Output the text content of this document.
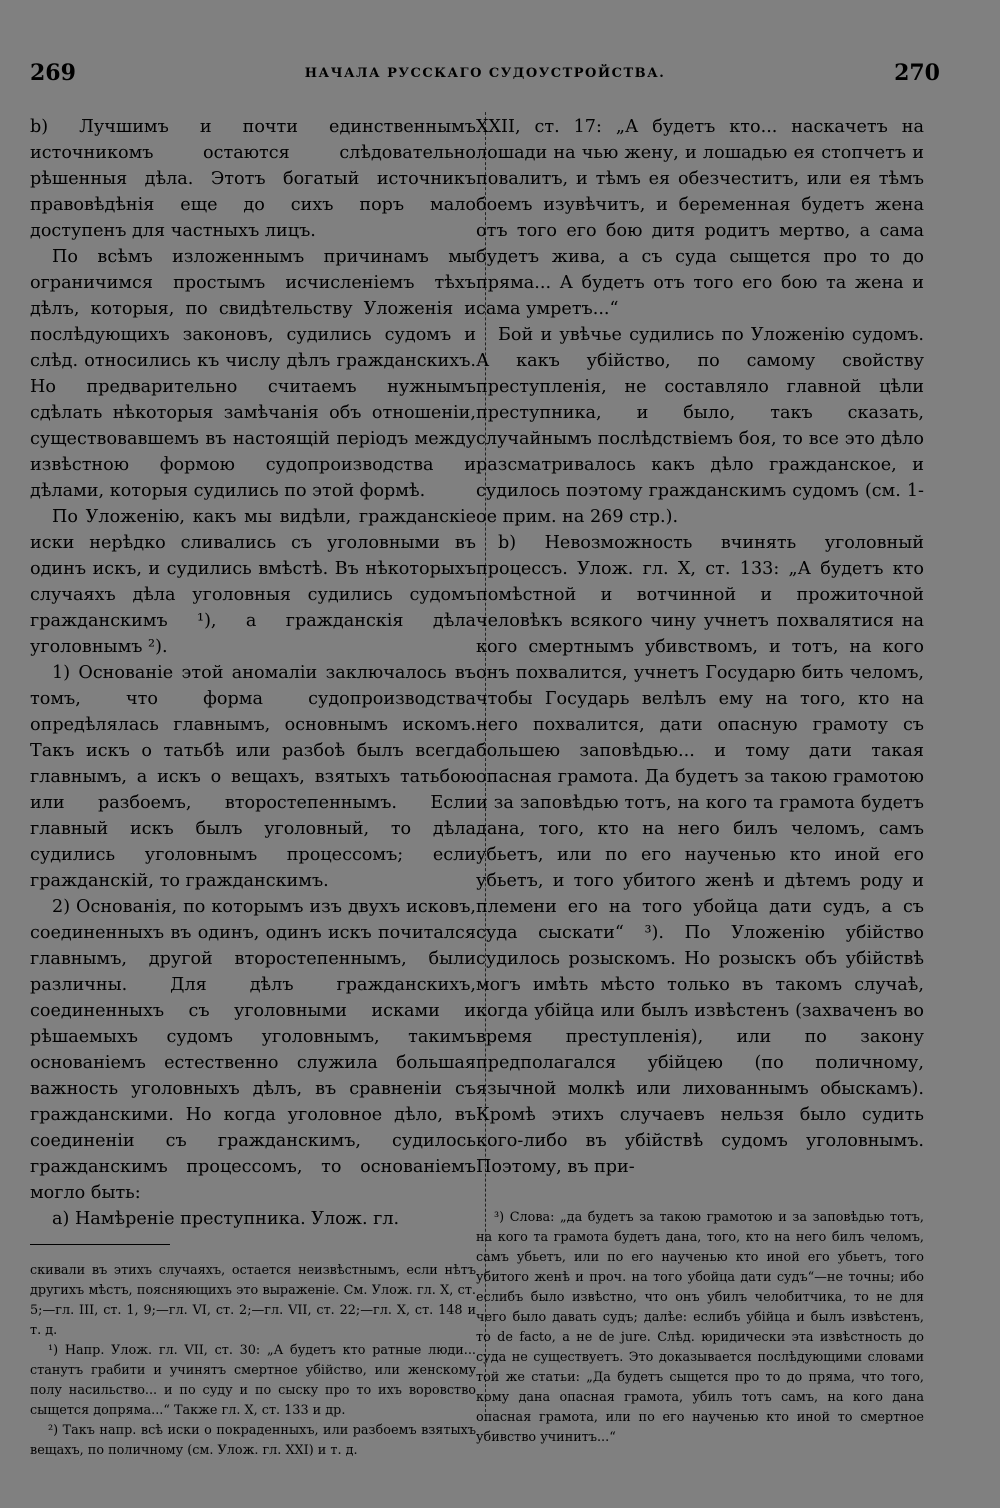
269	НАЧАЛА РУССКАГО СУДОУСТРОЙСТВА.	270

b) Лучшимъ и почти единственнымъ источникомъ остаются слѣдовательно рѣшенныя дѣла. Этотъ богатый источникъ правовѣдѣнія еще до сихъ поръ мало доступенъ для частныхъ лицъ.

По всѣмъ изложеннымъ причинамъ мы ограничимся простымъ исчисленіемъ тѣхъ дѣлъ, которыя, по свидѣтельству Уложенія и послѣдующихъ законовъ, судились судомъ и слѣд. относились къ числу дѣлъ гражданскихъ. Но предварительно считаемъ нужнымъ сдѣлать нѣкоторыя замѣчанія объ отношеніи, существовавшемъ въ настоящій періодъ между извѣстною формою судопроизводства и дѣлами, которыя судились по этой формѣ.

По Уложенію, какъ мы видѣли, гражданскіе иски нерѣдко сливались съ уголовными въ одинъ искъ, и судились вмѣстѣ. Въ нѣкоторыхъ случаяхъ дѣла уголовныя судились судомъ гражданскимъ ¹), а гражданскія дѣла уголовнымъ ²).

1) Основаніе этой аномаліи заключалось въ томъ, что форма судопроизводства опредѣлялась главнымъ, основнымъ искомъ. Такъ искъ о татьбѣ или разбоѣ былъ всегда главнымъ, а искъ о вещахъ, взятыхъ татьбою или разбоемъ, второстепеннымъ. Если главный искъ былъ уголовный, то дѣла судились уголовнымъ процессомъ; если гражданскій, то гражданскимъ.

2) Основанія, по которымъ изъ двухъ исковъ, соединенныхъ въ одинъ, одинъ искъ почитался главнымъ, другой второстепеннымъ, были различны. Для дѣлъ гражданскихъ, соединенныхъ съ уголовными исками и рѣшаемыхъ судомъ уголовнымъ, такимъ основаніемъ естественно служила большая важность уголовныхъ дѣлъ, въ сравненіи съ гражданскими. Но когда уголовное дѣло, въ соединеніи съ гражданскимъ, судилось гражданскимъ процессомъ, то основаніемъ могло быть:

а) Намѣреніе преступника. Улож. гл.

скивали въ этихъ случаяхъ, остается неизвѣстнымъ, если нѣтъ другихъ мѣстъ, поясняющихъ это выраженіе. См. Улож. гл. X, ст. 5;—гл. III, ст. 1, 9;—гл. VI, ст. 2;—гл. VII, ст. 22;—гл. X, ст. 148 и т. д.

¹) Напр. Улож. гл. VII, ст. 30: „А будетъ кто ратные люди... станутъ грабити и учинятъ смертное убійство, или женскому полу насильство... и по суду и по сыску про то ихъ воровство сыщется допряма...“ Также гл. X, ст. 133 и др.

²) Такъ напр. всѣ иски о покраденныхъ, или разбоемъ взятыхъ вещахъ, по поличному (см. Улож. гл. XXI) и т. д.

XXII, ст. 17: „А будетъ кто... наскачетъ на лошади на чью жену, и лошадью ея стопчетъ и повалитъ, и тѣмъ ея обезчеститъ, или ея тѣмъ боемъ изувѣчитъ, и беременная будетъ жена отъ того его бою дитя родитъ мертво, а сама будетъ жива, а съ суда сыщется про то до пряма... А будетъ отъ того его бою та жена и сама умретъ...“

Бой и увѣчье судились по Уложенію судомъ. А какъ убійство, по самому свойству преступленія, не составляло главной цѣли преступника, и было, такъ сказать, случайнымъ послѣдствіемъ боя, то все это дѣло разсматривалось какъ дѣло гражданское, и судилось поэтому гражданскимъ судомъ (см. 1-ое прим. на 269 стр.).

b) Невозможность вчинять уголовный процессъ. Улож. гл. X, ст. 133: „А будетъ кто помѣстной и вотчинной и прожиточной человѣкъ всякого чину учнетъ похвалятися на кого смертнымъ убивствомъ, и тотъ, на кого онъ похвалится, учнетъ Государю бить челомъ, чтобы Государь велѣлъ ему на того, кто на него похвалится, дати опасную грамоту съ большею заповѣдью... и тому дати такая опасная грамота. Да будетъ за такою грамотою и за заповѣдью тотъ, на кого та грамота будетъ дана, того, кто на него билъ челомъ, самъ убьетъ, или по его наученью кто иной его убьетъ, и того убитого женѣ и дѣтемъ роду и племени его на того убойца дати судъ, а съ суда сыскати“ ³). По Уложенію убійство судилось розыскомъ. Но розыскъ объ убійствѣ могъ имѣть мѣсто только въ такомъ случаѣ, когда убійца или былъ извѣстенъ (захваченъ во время преступленія), или по закону предполагался убійцею (по поличному, язычной молкѣ или лихованнымъ обыскамъ). Кромѣ этихъ случаевъ нельзя было судить кого-либо въ убійствѣ судомъ уголовнымъ. Поэтому, въ при-

³) Слова: „да будетъ за такою грамотою и за заповѣдью тотъ, на кого та грамота будетъ дана, того, кто на него билъ челомъ, самъ убьетъ, или по его наученью кто иной его убьетъ, того убитого женѣ и проч. на того убойца дати судъ“—не точны; ибо еслибъ было извѣстно, что онъ убилъ челобитчика, то не для чего было давать судъ; далѣе: еслибъ убійца и былъ извѣстенъ, то de facto, а не de jure. Слѣд. юридически эта извѣстность до суда не существуетъ. Это доказывается послѣдующими словами той же статьи: „Да будетъ сыщется про то до пряма, что того, кому дана опасная грамота, убилъ тотъ самъ, на кого дана опасная грамота, или по его наученью кто иной то смертное убивство учинитъ...“
